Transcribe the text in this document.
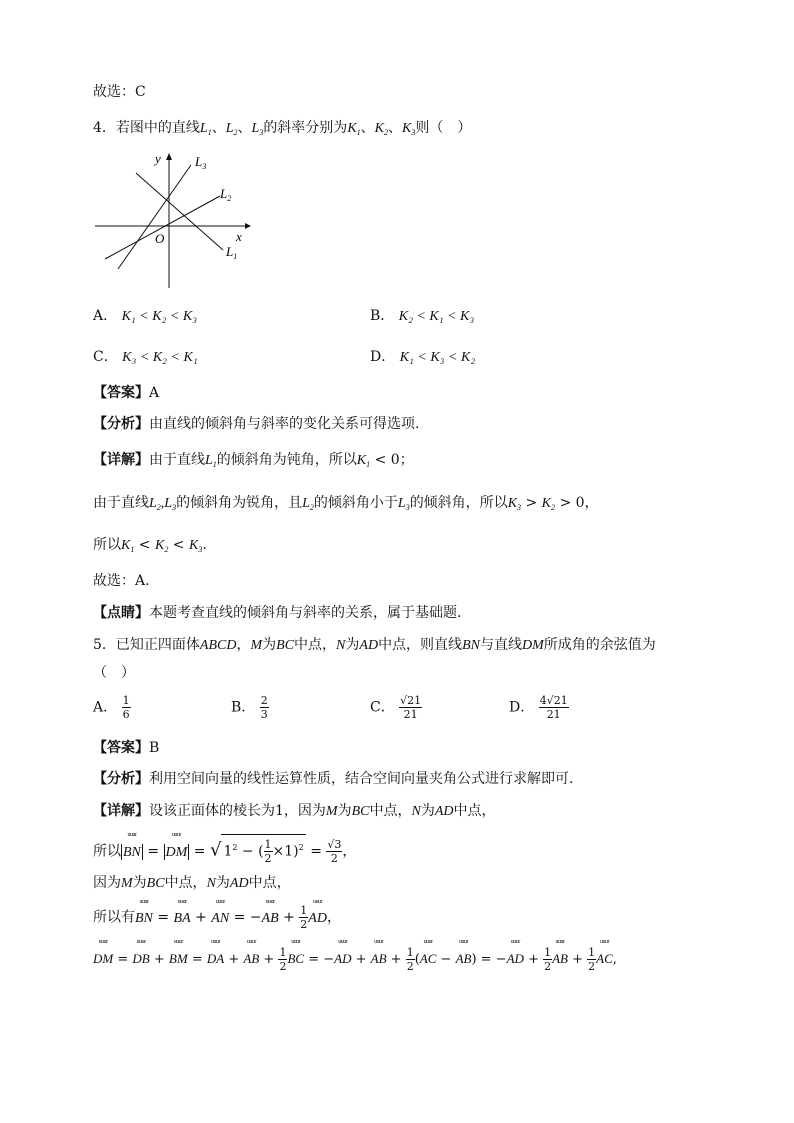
故选：C
4．若图中的直线$L_1$、$L_2$、$L_3$的斜率分别为$K_1$、$K_2$、$K_3$则（　）
y
x
O
$L_3$
$L_2$
$L_1$
A． K₁ < K₂ < K₃	B． K₂ < K₁ < K₃
C． K₃ < K₂ < K₁	D． K₁ < K₃ < K₂
【答案】A
【分析】由直线的倾斜角与斜率的变化关系可得选项.
【详解】由于直线$L_1$的倾斜角为钝角，所以$K_1 < 0$；
由于直线$L_2,L_3$的倾斜角为锐角，且$L_2$的倾斜角小于$L_3$的倾斜角，所以$K_3 > K_2 > 0$，
所以$K_1 < K_2 < K_3$.
故选：A.
【点睛】本题考查直线的倾斜角与斜率的关系，属于基础题.
5．已知正四面体ABCD，M为BC中点，N为AD中点，则直线BN与直线DM所成角的余弦值为
（　）
A． $\frac{1}{6}$	B． $\frac{2}{3}$	C． $\frac{√21}{21}$	D． $\frac{4√21}{21}$
【答案】B
【分析】利用空间向量的线性运算性质，结合空间向量夹角公式进行求解即可.
【详解】设该正面体的棱长为1，因为M为BC中点，N为AD中点，
所以 uuur BN = uuur DM = √ $1^2$ − ( $\frac{1}{2} \times 1)^2 = \frac{√3}{2}$ ，
因为M为BC中点，N为AD中点，
所以有uuur BN = uuur BA + uuur AN = −uuur AB + $\frac{1}{2}$ uuur AD，
uuur DM = uuur DB + uuur BM = uuur DA + uuur AB + $\frac{1}{2}$ uuur BC = −uuur AD + uuur AB + $\frac{1}{2}$ (uuur AC − uuur AB) = −uuur AD + $\frac{1}{2}$ uuur AB + $\frac{1}{2}$ uuur AC,
